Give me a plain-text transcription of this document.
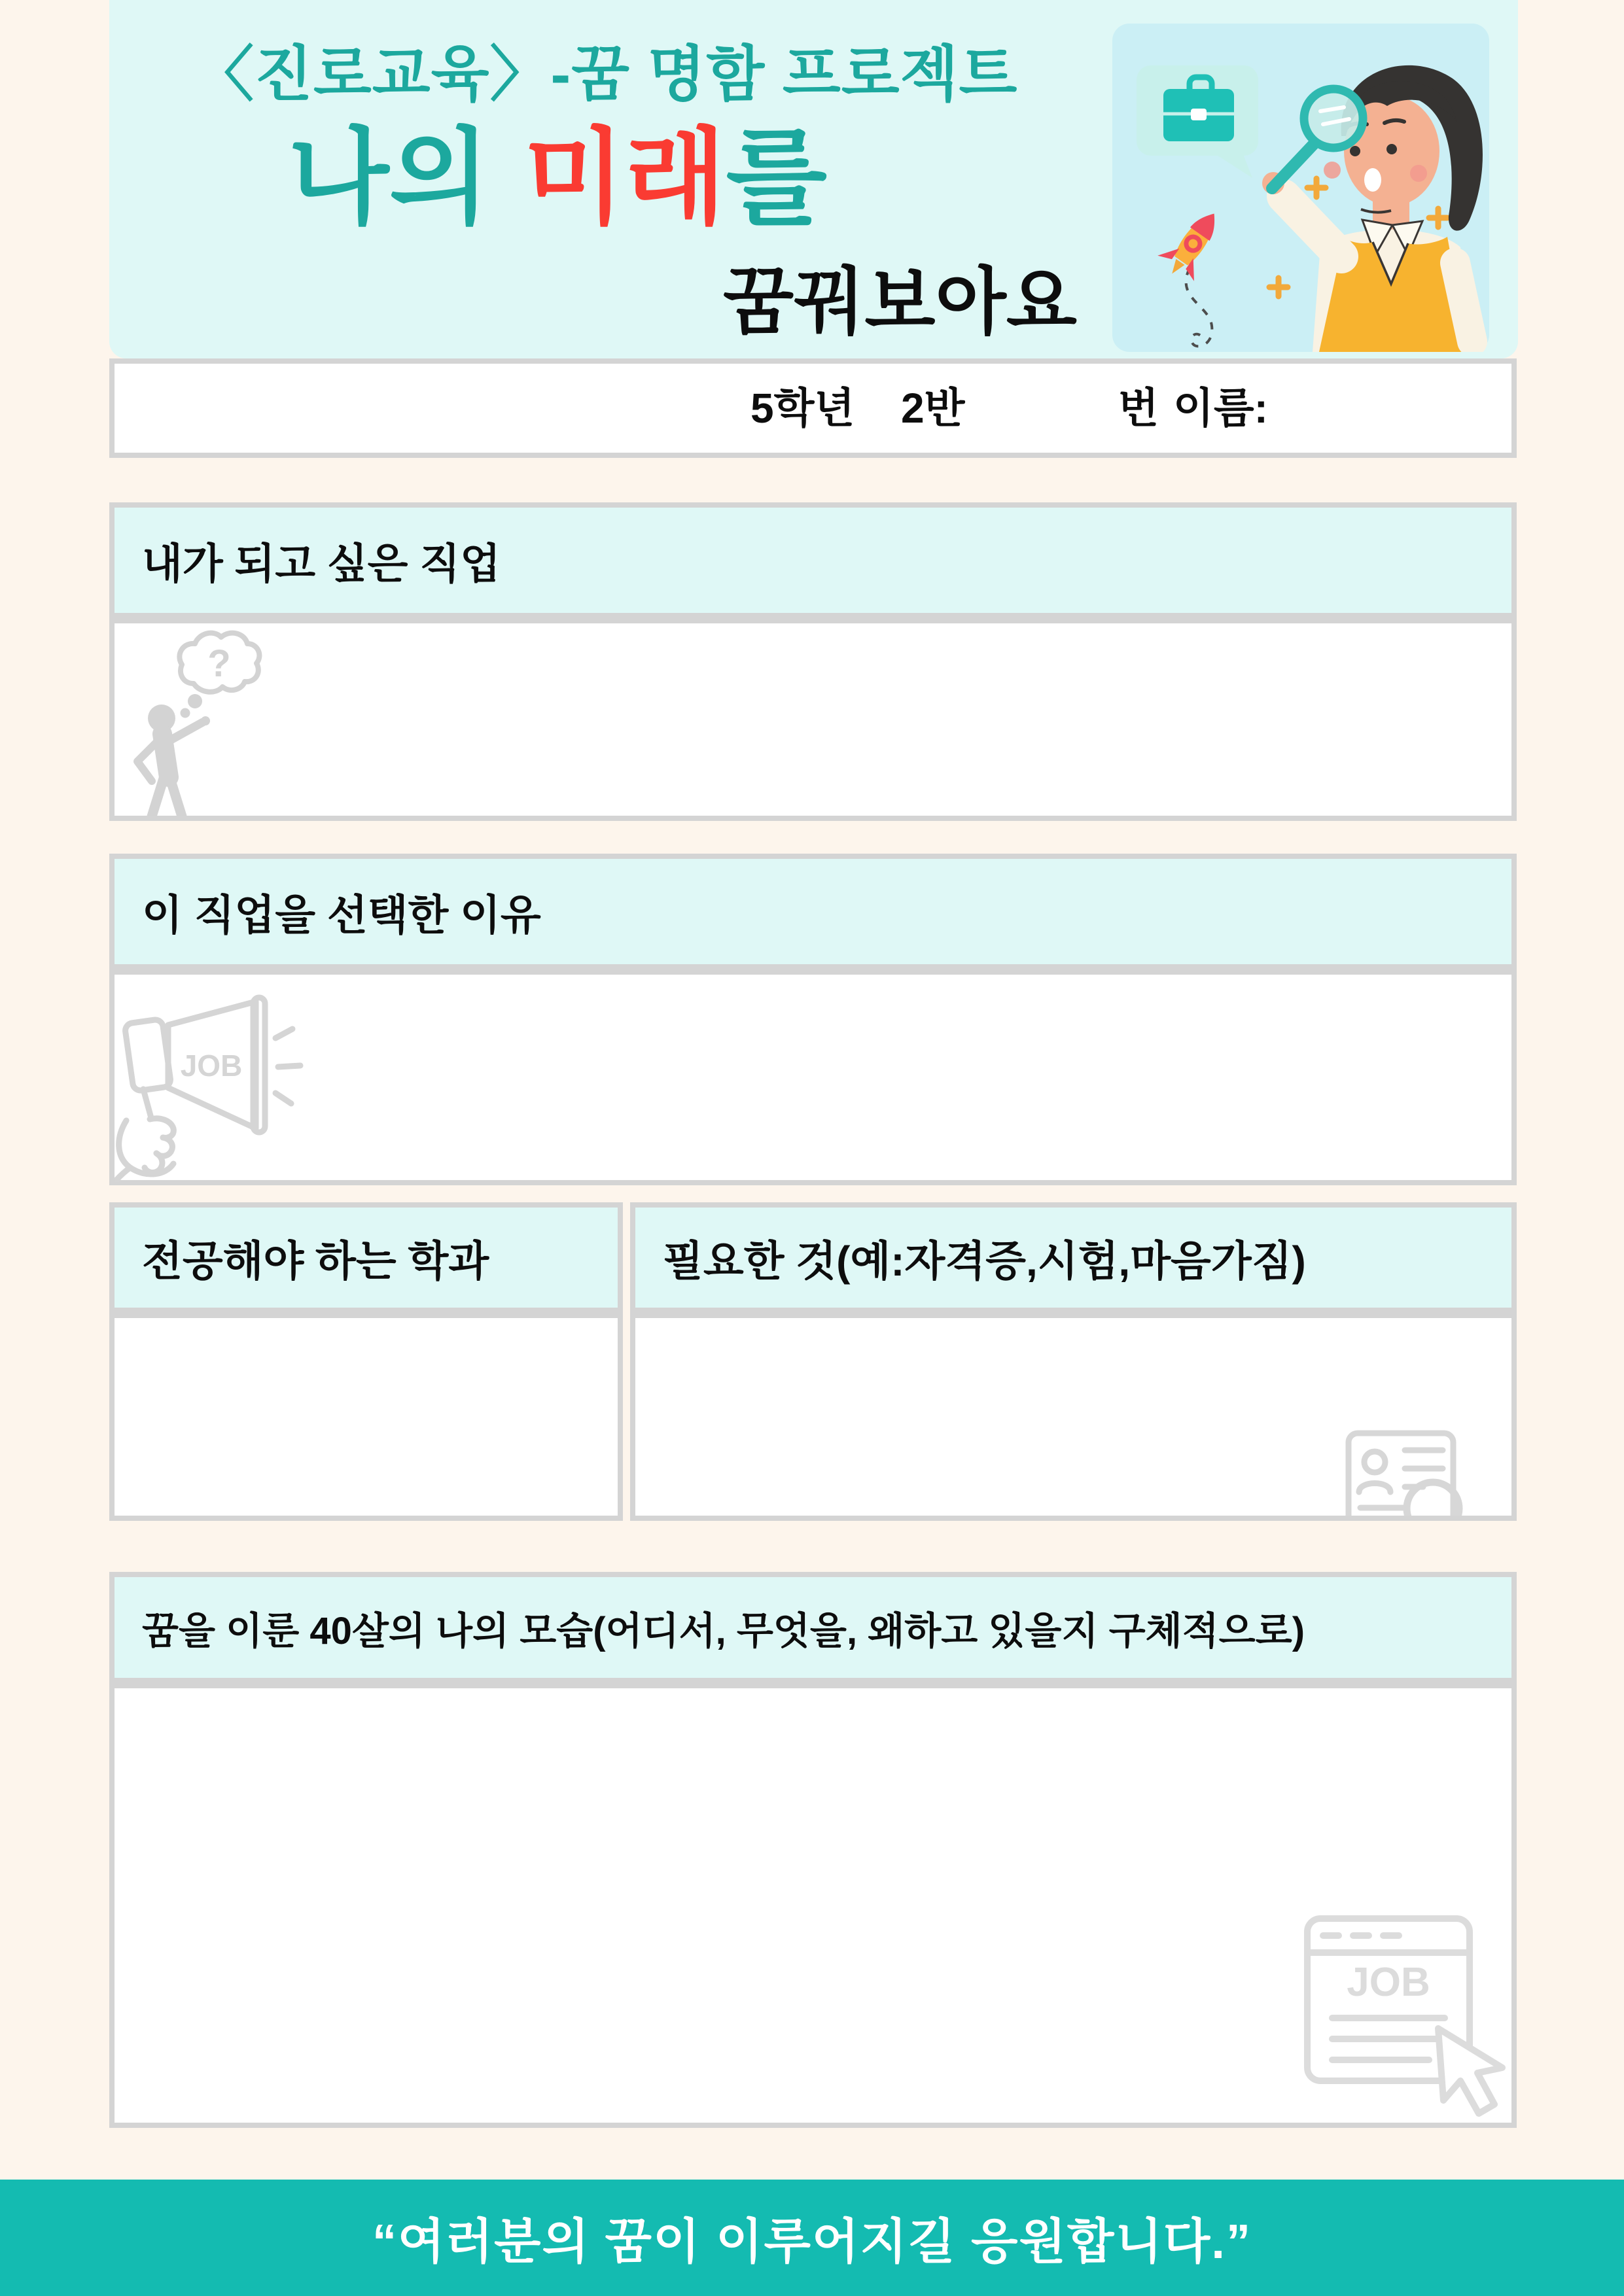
〈진로교육〉-꿈 명함 프로젝트
나의 미래를
꿈꿔보아요
5학년 2반	번 이름:
내가 되고 싶은 직업
?
이 직업을 선택한 이유
JOB
전공해야 하는 학과	필요한 것(예:자격증,시험,마음가짐)
꿈을 이룬 40살의 나의 모습(어디서, 무엇을, 왜하고 있을지 구체적으로)
JOB
“여러분의 꿈이 이루어지길 응원합니다.”
